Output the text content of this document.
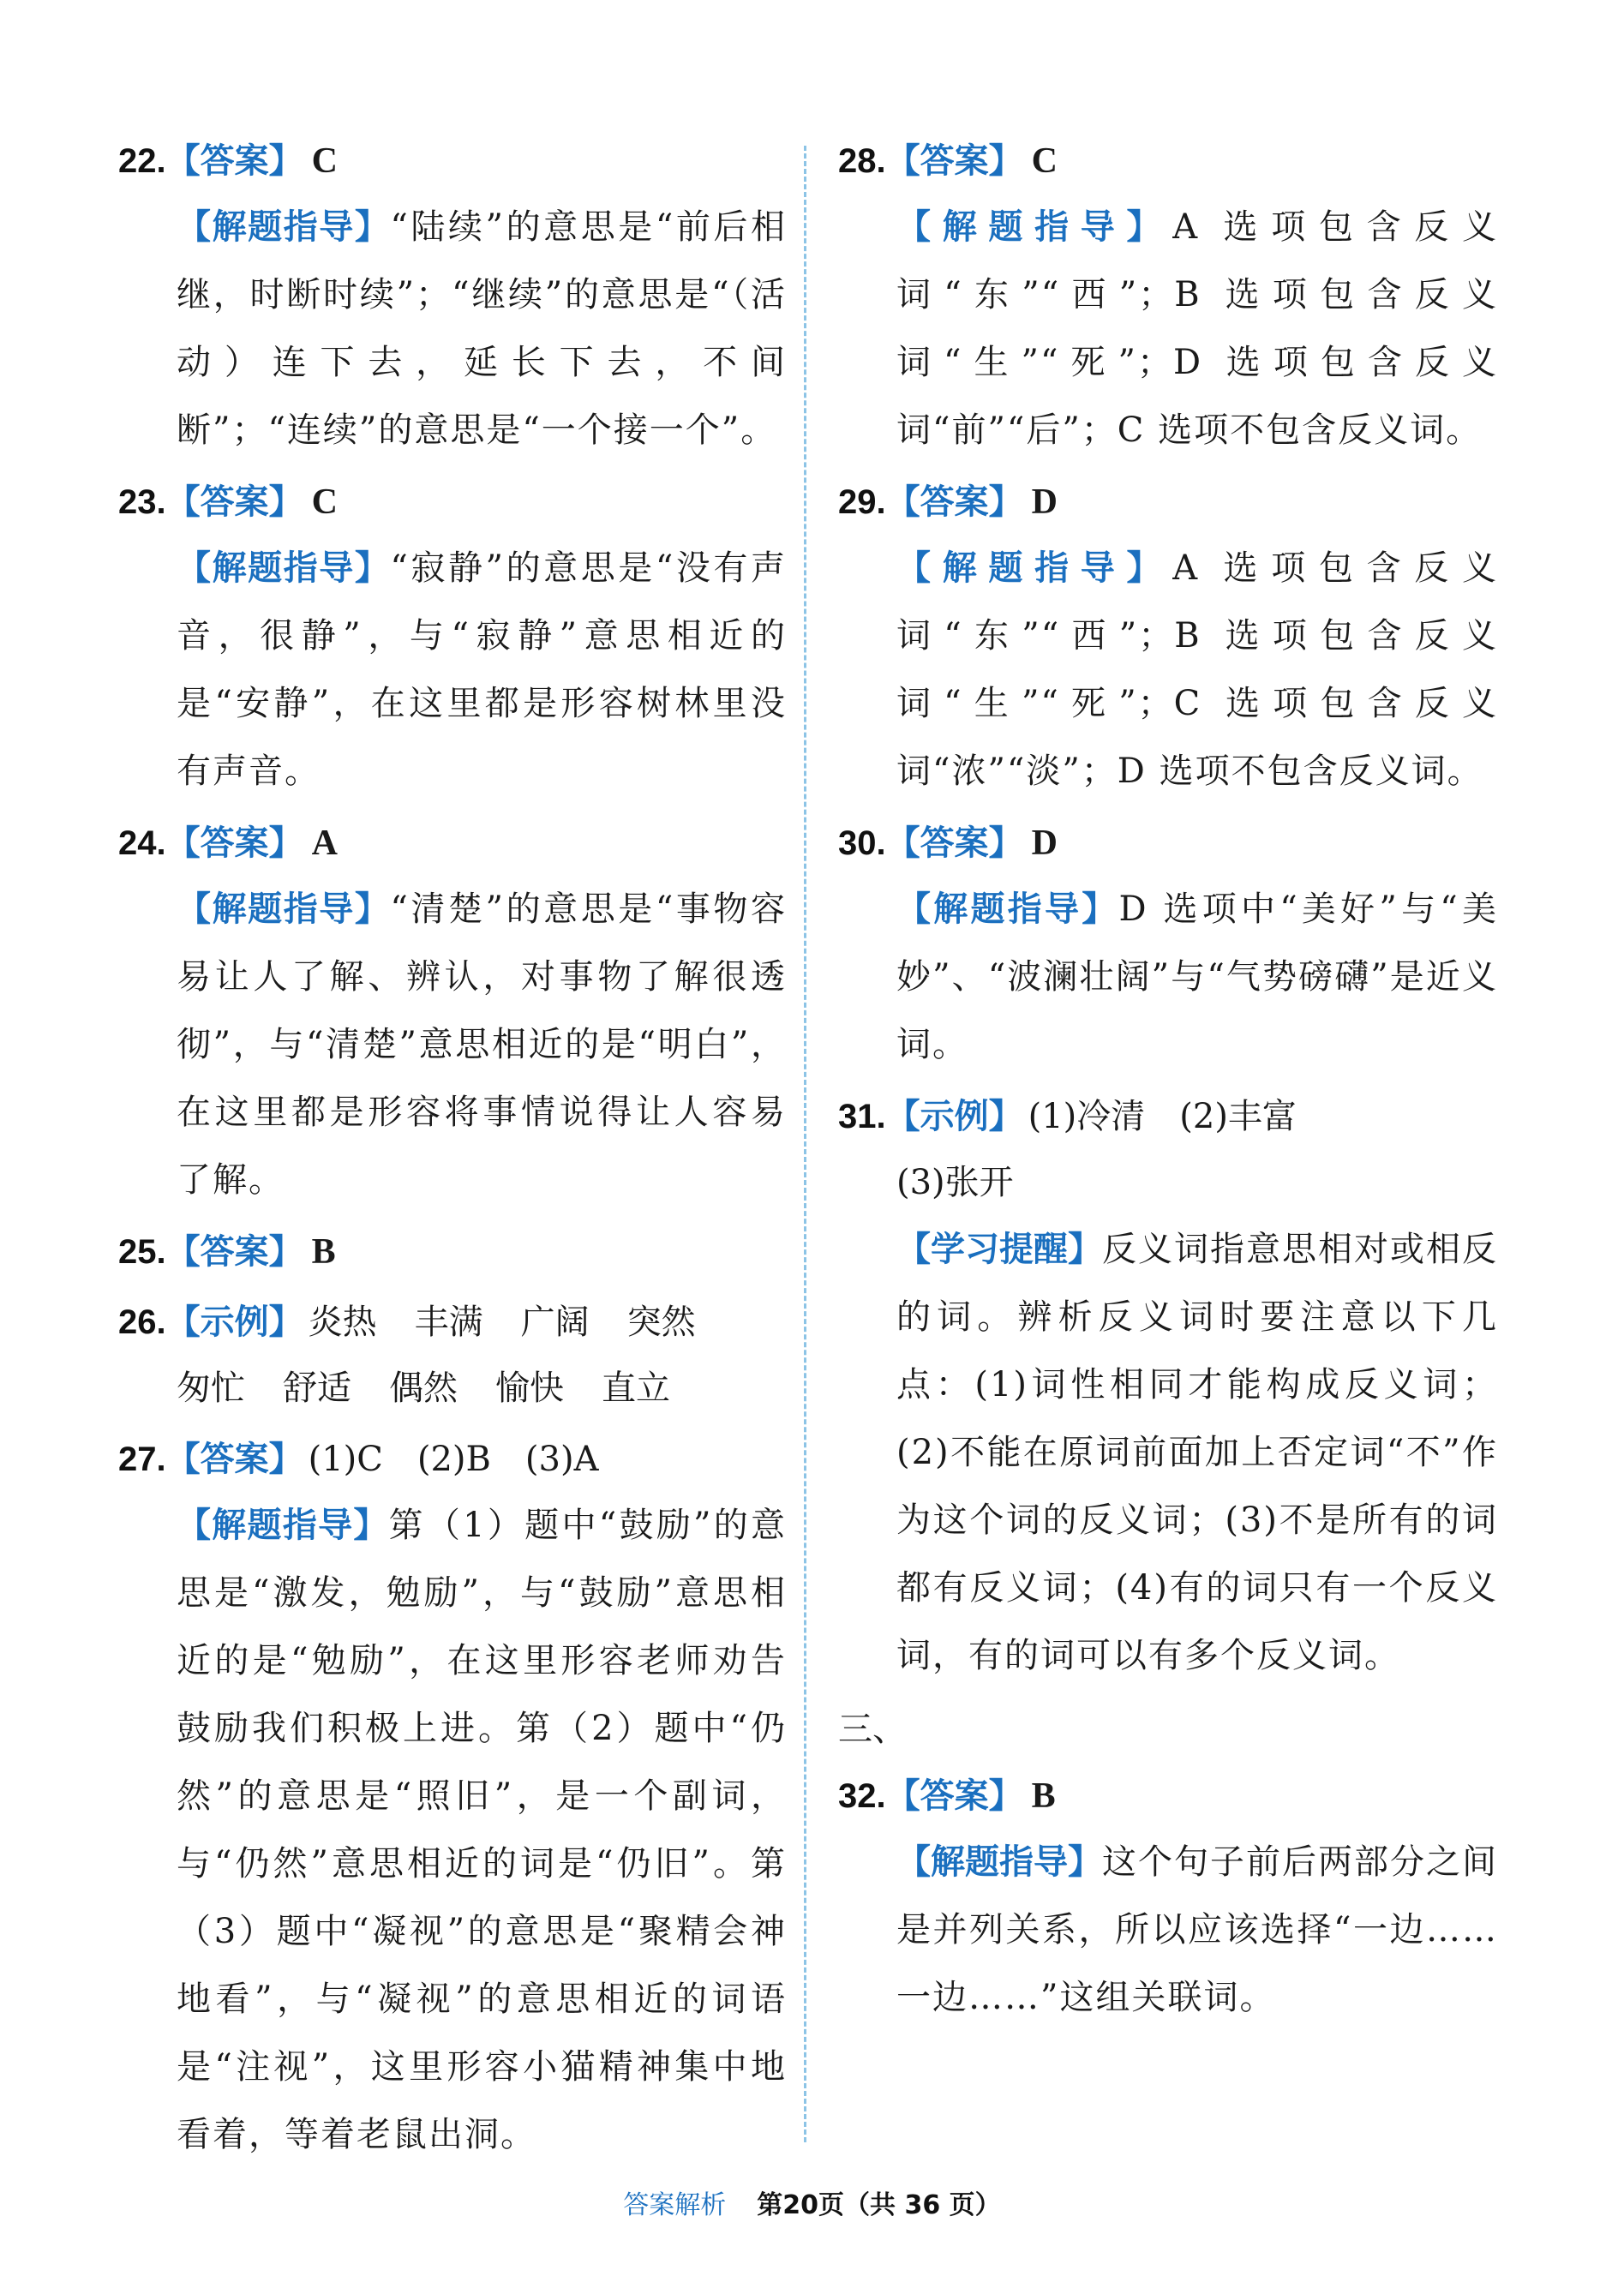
22.【答案】 C
【解题指导】“陆续”的意思是“前后相继，时断时续”；“继续”的意思是“（活动）连下去，延长下去，不间断”；“连续”的意思是“一个接一个”。
23.【答案】 C
【解题指导】“寂静”的意思是“没有声音，很静”，与“寂静”意思相近的是“安静”，在这里都是形容树林里没有声音。
24.【答案】 A
【解题指导】“清楚”的意思是“事物容易让人了解、辨认，对事物了解很透彻”，与“清楚”意思相近的是“明白”，在这里都是形容将事情说得让人容易了解。
25.【答案】 B
26.【示例】 炎热 丰满 广阔 突然
匆忙 舒适 偶然 愉快 直立
27.【答案】 (1)C　(2)B　(3)A
【解题指导】第（1）题中“鼓励”的意思是“激发，勉励”，与“鼓励”意思相近的是“勉励”，在这里形容老师劝告鼓励我们积极上进。第（2）题中“仍然”的意思是“照旧”，是一个副词，与“仍然”意思相近的词是“仍旧”。第（3）题中“凝视”的意思是“聚精会神地看”，与“凝视”的意思相近的词语是“注视”，这里形容小猫精神集中地看着，等着老鼠出洞。
28.【答案】 C
【解题指导】A 选项包含反义词“东”“西”；B 选项包含反义词“生”“死”；D 选项包含反义词“前”“后”；C 选项不包含反义词。
29.【答案】 D
【解题指导】A 选项包含反义词“东”“西”；B 选项包含反义词“生”“死”；C 选项包含反义词“浓”“淡”；D 选项不包含反义词。
30.【答案】 D
【解题指导】D 选项中“美好”与“美妙”、“波澜壮阔”与“气势磅礴”是近义词。
31.【示例】 (1)冷清　(2)丰富
(3)张开
【学习提醒】反义词指意思相对或相反的词。辨析反义词时要注意以下几点：(1)词性相同才能构成反义词；(2)不能在原词前面加上否定词“不”作为这个词的反义词；(3)不是所有的词都有反义词；(4)有的词只有一个反义词，有的词可以有多个反义词。
三、
32.【答案】 B
【解题指导】这个句子前后两部分之间是并列关系，所以应该选择“一边……一边……”这组关联词。
答案解析 第20页（共 36 页）
